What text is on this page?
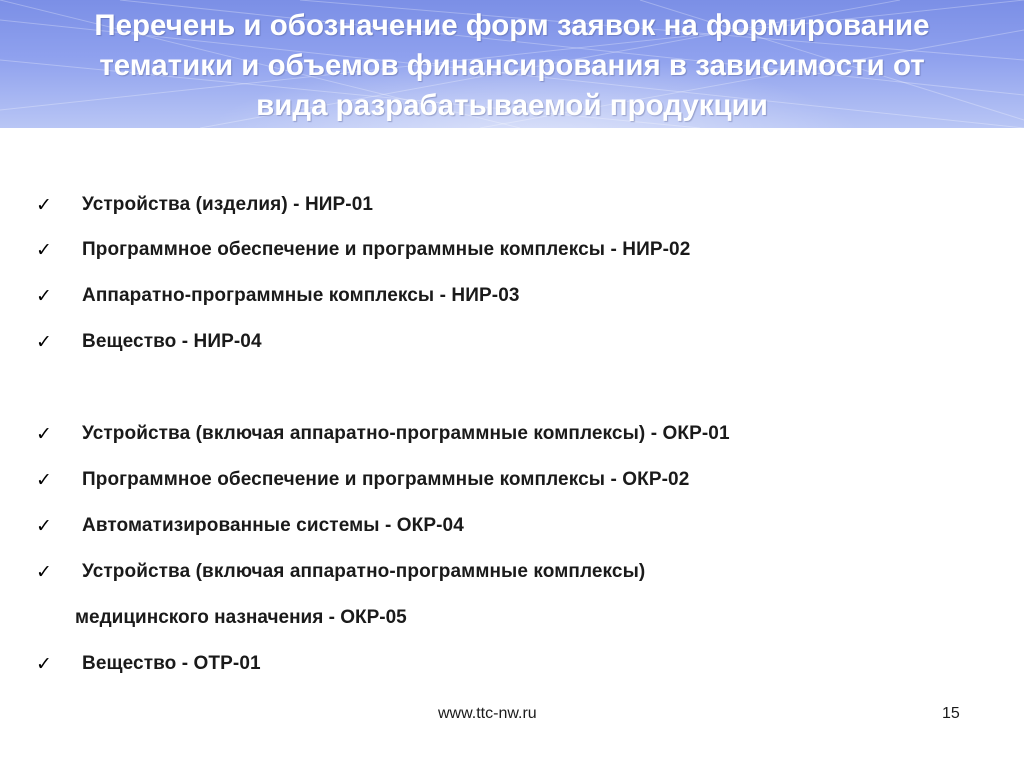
Перечень и обозначение форм заявок на формирование
тематики и объемов финансирования в зависимости от
вида разрабатываемой продукции
✓	Устройства (изделия) - НИР-01
✓	Программное обеспечение и программные комплексы - НИР-02
✓	Аппаратно-программные комплексы - НИР-03
✓	Вещество - НИР-04
✓	Устройства (включая аппаратно-программные комплексы) - ОКР-01
✓	Программное обеспечение и программные комплексы - ОКР-02
✓	Автоматизированные системы - ОКР-04
✓	Устройства (включая аппаратно-программные комплексы)
медицинского назначения - ОКР-05
✓	Вещество - ОТР-01
www.ttc-nw.ru	15
